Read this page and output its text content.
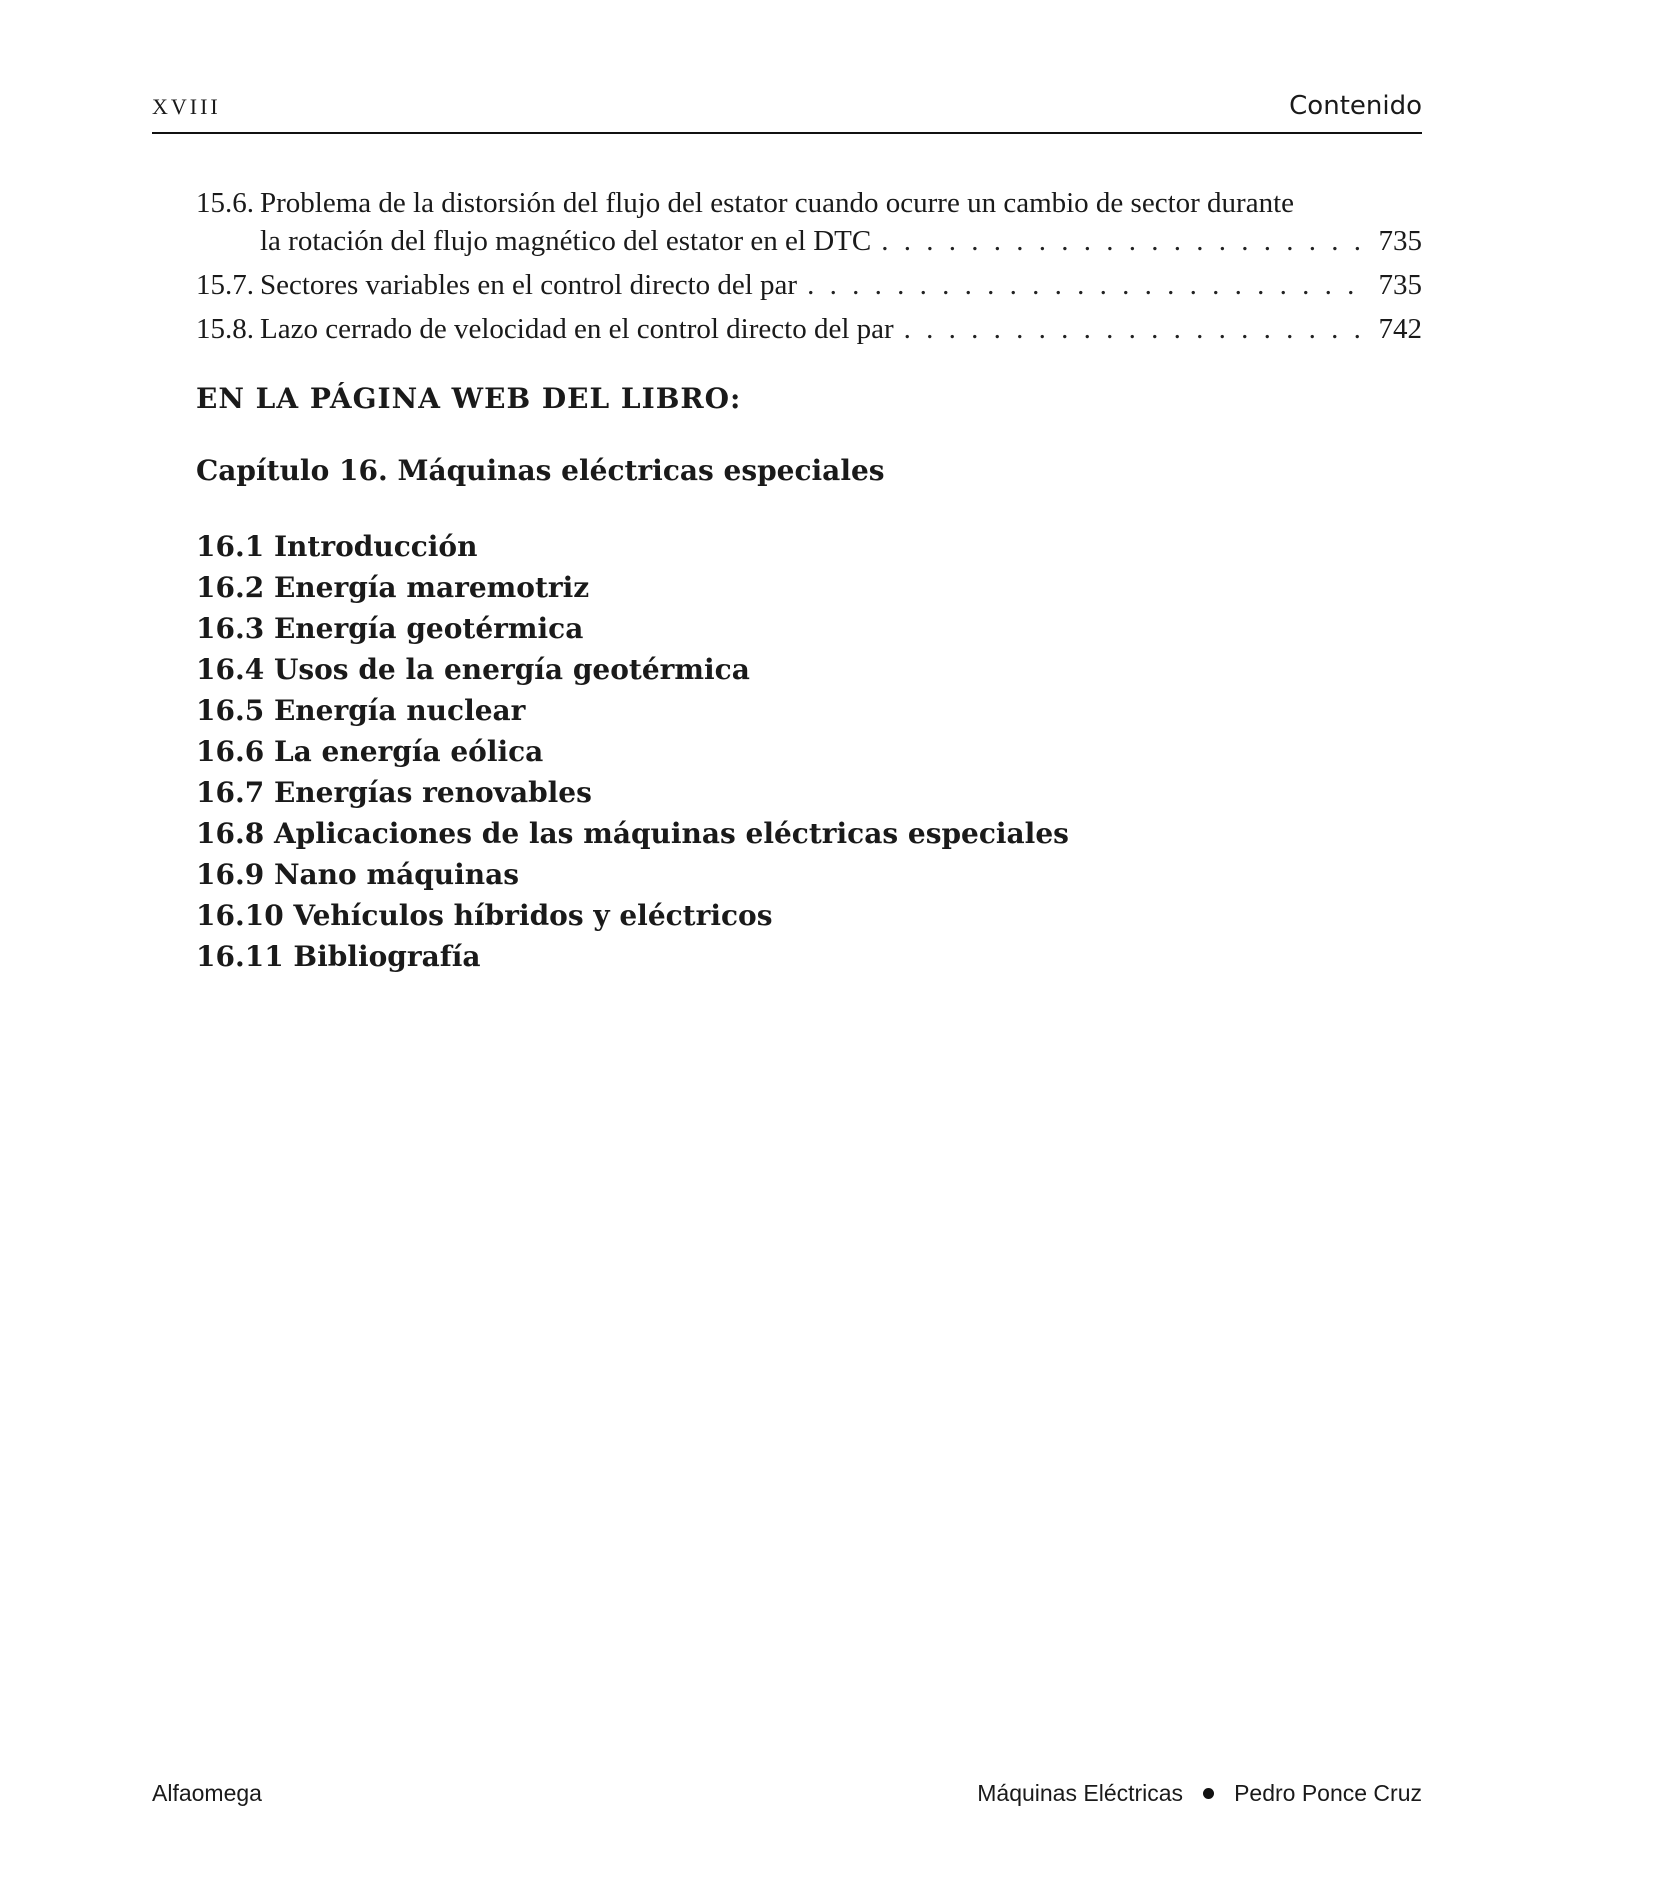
XVIII	Contenido
15.6. Problema de la distorsión del flujo del estator cuando ocurre un cambio de sector durante
la rotación del flujo magnético del estator en el DTC . . .	735
15.7. Sectores variables en el control directo del par . . .	735
15.8. Lazo cerrado de velocidad en el control directo del par . . .	742
EN LA PÁGINA WEB DEL LIBRO:
Capítulo 16. Máquinas eléctricas especiales
16.1 Introducción
16.2 Energía maremotriz
16.3 Energía geotérmica
16.4 Usos de la energía geotérmica
16.5 Energía nuclear
16.6 La energía eólica
16.7 Energías renovables
16.8 Aplicaciones de las máquinas eléctricas especiales
16.9 Nano máquinas
16.10 Vehículos híbridos y eléctricos
16.11 Bibliografía
Alfaomega	Máquinas Eléctricas Pedro Ponce Cruz
